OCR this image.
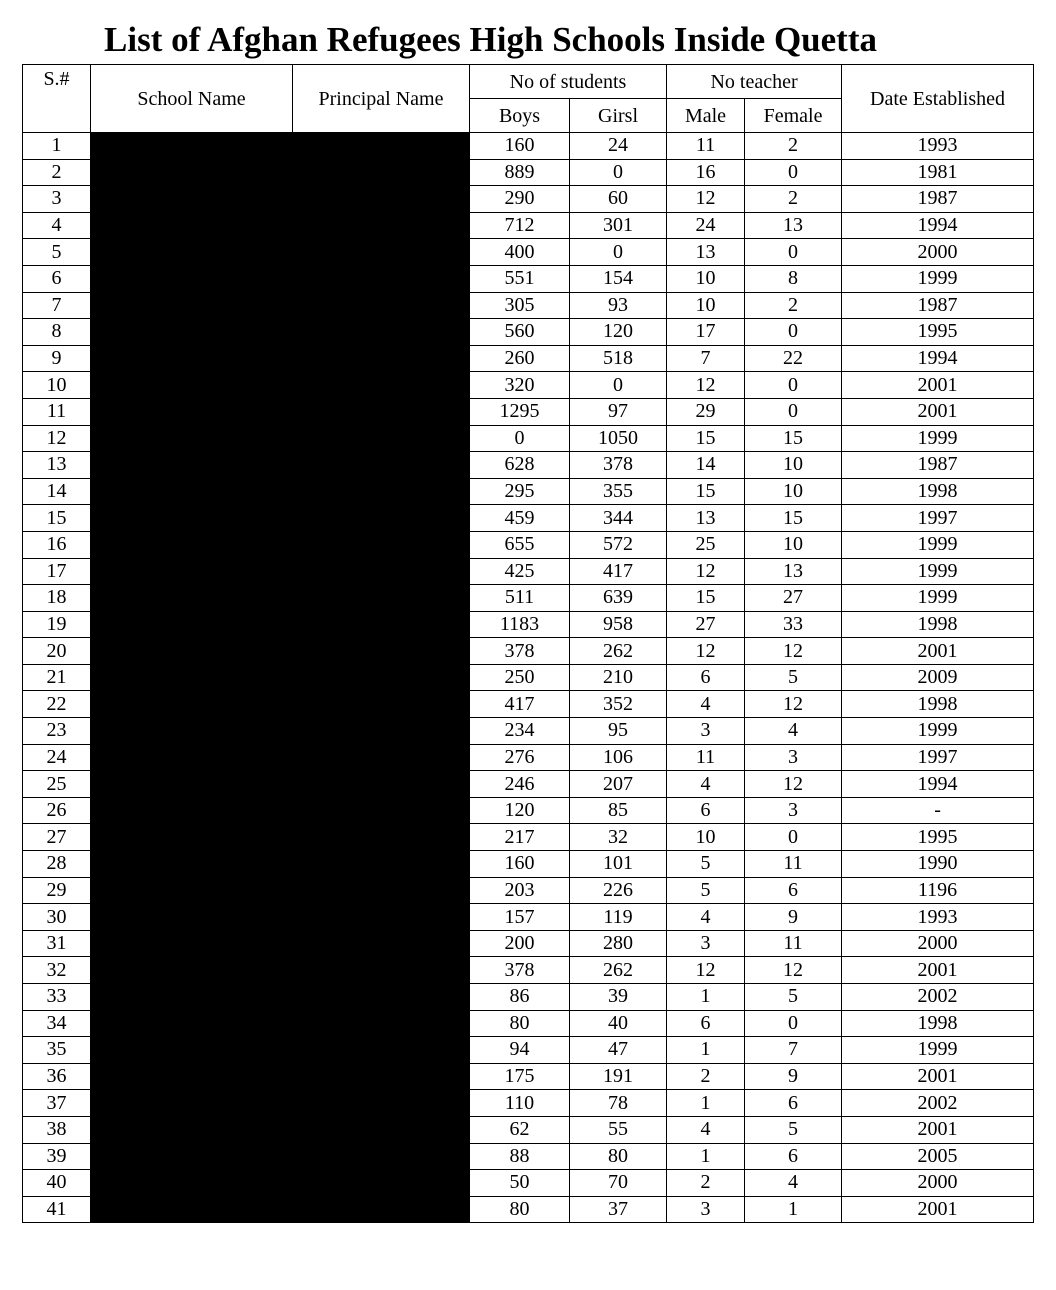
List of Afghan Refugees High Schools Inside Quetta
S.#	School Name	Principal Name	No of students		No teacher		Date Established
			Boys	Girsl	Male	Female	
1			160	24	11	2	1993
2			889	0	16	0	1981
3			290	60	12	2	1987
4			712	301	24	13	1994
5			400	0	13	0	2000
6			551	154	10	8	1999
7			305	93	10	2	1987
8			560	120	17	0	1995
9			260	518	7	22	1994
10			320	0	12	0	2001
11			1295	97	29	0	2001
12			0	1050	15	15	1999
13			628	378	14	10	1987
14			295	355	15	10	1998
15			459	344	13	15	1997
16			655	572	25	10	1999
17			425	417	12	13	1999
18			511	639	15	27	1999
19			1183	958	27	33	1998
20			378	262	12	12	2001
21			250	210	6	5	2009
22			417	352	4	12	1998
23			234	95	3	4	1999
24			276	106	11	3	1997
25			246	207	4	12	1994
26			120	85	6	3	-
27			217	32	10	0	1995
28			160	101	5	11	1990
29			203	226	5	6	1196
30			157	119	4	9	1993
31			200	280	3	11	2000
32			378	262	12	12	2001
33			86	39	1	5	2002
34			80	40	6	0	1998
35			94	47	1	7	1999
36			175	191	2	9	2001
37			110	78	1	6	2002
38			62	55	4	5	2001
39			88	80	1	6	2005
40			50	70	2	4	2000
41			80	37	3	1	2001
